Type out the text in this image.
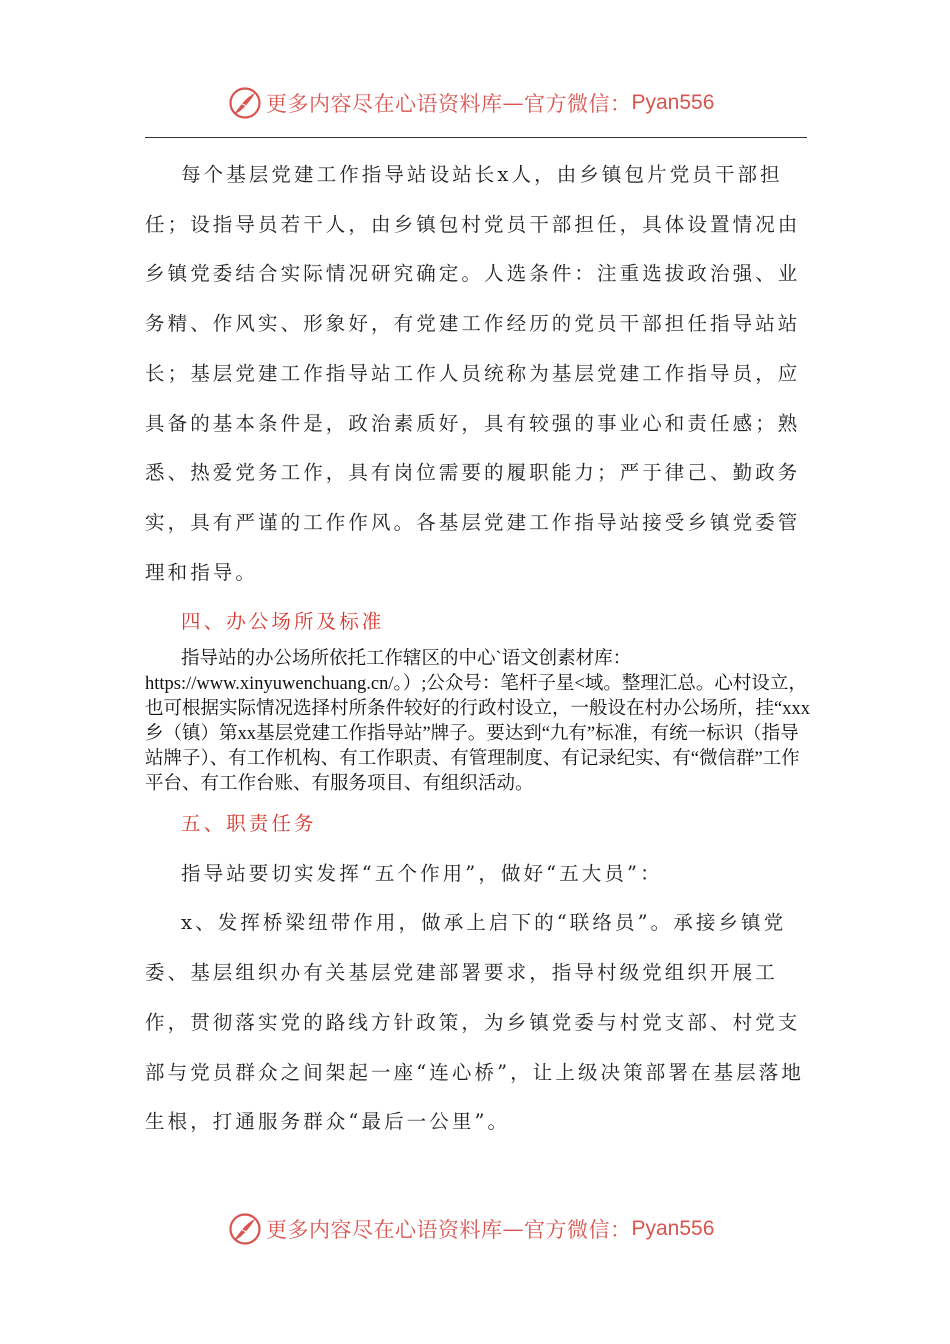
更多内容尽在心语资料库 — 官方微信： Pyan556

每个基层党建工作指导站设站长x人，由乡镇包片党员干部担任；设指导员若干人，由乡镇包村党员干部担任，具体设置情况由乡镇党委结合实际情况研究确定。人选条件：注重选拔政治强、业务精、作风实、形象好，有党建工作经历的党员干部担任指导站站长；基层党建工作指导站工作人员统称为基层党建工作指导员，应具备的基本条件是，政治素质好，具有较强的事业心和责任感；熟悉、热爱党务工作，具有岗位需要的履职能力；严于律己、勤政务实，具有严谨的工作作风。各基层党建工作指导站接受乡镇党委管理和指导。

四、办公场所及标准

指导站的办公场所依托工作辖区的中心`语文创素材库：https://www.xinyuwenchuang.cn/。）;公众号：笔杆子星<域。整理汇总。心村设立，也可根据实际情况选择村所条件较好的行政村设立，一般设在村办公场所，挂“xxx乡（镇）第xx基层党建工作指导站”牌子。要达到“九有”标准，有统一标识（指导站牌子）、有工作机构、有工作职责、有管理制度、有记录纪实、有“微信群”工作平台、有工作台账、有服务项目、有组织活动。

五、职责任务

指导站要切实发挥“五个作用”，做好“五大员”：

x、发挥桥梁纽带作用，做承上启下的“联络员”。承接乡镇党委、基层组织办有关基层党建部署要求，指导村级党组织开展工作，贯彻落实党的路线方针政策，为乡镇党委与村党支部、村党支部与党员群众之间架起一座“连心桥”，让上级决策部署在基层落地生根，打通服务群众“最后一公里”。

更多内容尽在心语资料库 — 官方微信： Pyan556
